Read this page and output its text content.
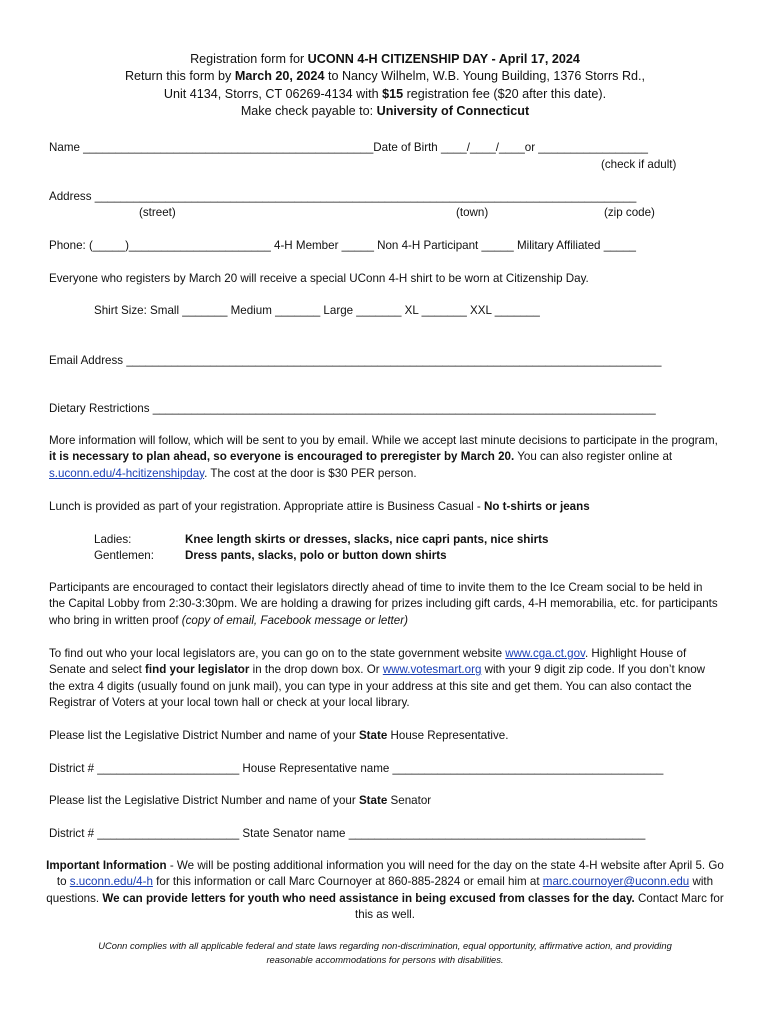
Registration form for UCONN 4-H CITIZENSHIP DAY - April 17, 2024
Return this form by March 20, 2024 to Nancy Wilhelm, W.B. Young Building, 1376 Storrs Rd.,
Unit 4134, Storrs, CT 06269-4134 with $15 registration fee ($20 after this date).
Make check payable to: University of Connecticut
Name _____________________________________________Date of Birth ____/____/____or _________________
(check if adult)
Address ____________________________________________________________________________________
(street)	(town)	(zip code)
Phone: (_____)______________________ 4-H Member _____ Non 4-H Participant _____ Military Affiliated _____
Everyone who registers by March 20 will receive a special UConn 4-H shirt to be worn at Citizenship Day.
Shirt Size: Small _______ Medium _______ Large _______ XL _______ XXL _______
Email Address ___________________________________________________________________________________
Dietary Restrictions ______________________________________________________________________________
More information will follow, which will be sent to you by email. While we accept last minute decisions to participate in the program, it is necessary to plan ahead, so everyone is encouraged to preregister by March 20. You can also register online at s.uconn.edu/4-hcitizenshipday. The cost at the door is $30 PER person.
Lunch is provided as part of your registration. Appropriate attire is Business Casual - No t-shirts or jeans
Ladies:	Knee length skirts or dresses, slacks, nice capri pants, nice shirts
Gentlemen:	Dress pants, slacks, polo or button down shirts
Participants are encouraged to contact their legislators directly ahead of time to invite them to the Ice Cream social to be held in the Capital Lobby from 2:30-3:30pm. We are holding a drawing for prizes including gift cards, 4-H memorabilia, etc. for participants who bring in written proof (copy of email, Facebook message or letter)
To find out who your local legislators are, you can go on to the state government website www.cga.ct.gov. Highlight House of Senate and select find your legislator in the drop down box. Or www.votesmart.org with your 9 digit zip code. If you don’t know the extra 4 digits (usually found on junk mail), you can type in your address at this site and get them. You can also contact the Registrar of Voters at your local town hall or check at your local library.
Please list the Legislative District Number and name of your State House Representative.
District # ______________________ House Representative name __________________________________________
Please list the Legislative District Number and name of your State Senator
District # ______________________ State Senator name ______________________________________________
Important Information - We will be posting additional information you will need for the day on the state 4-H website after April 5. Go to s.uconn.edu/4-h for this information or call Marc Cournoyer at 860-885-2824 or email him at marc.cournoyer@uconn.edu with questions. We can provide letters for youth who need assistance in being excused from classes for the day. Contact Marc for this as well.
UConn complies with all applicable federal and state laws regarding non-discrimination, equal opportunity, affirmative action, and providing
reasonable accommodations for persons with disabilities.
